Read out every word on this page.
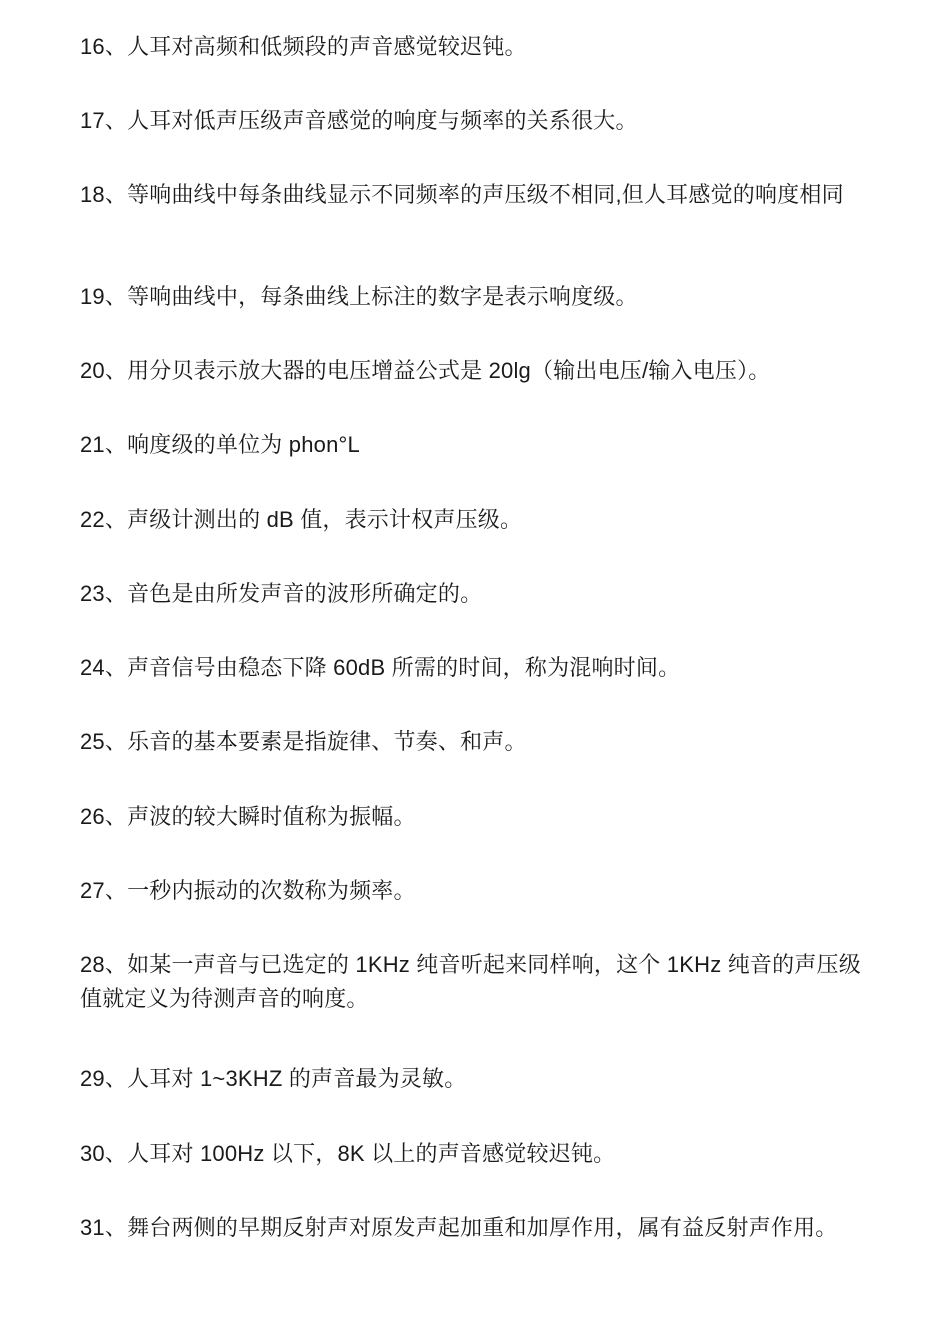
16、人耳对高频和低频段的声音感觉较迟钝。

17、人耳对低声压级声音感觉的响度与频率的关系很大。

18、等响曲线中每条曲线显示不同频率的声压级不相同,但人耳感觉的响度相同

19、等响曲线中，每条曲线上标注的数字是表示响度级。

20、用分贝表示放大器的电压增益公式是 20lg（输出电压/输入电压）。

21、响度级的单位为 phon°L

22、声级计测出的 dB 值，表示计权声压级。

23、音色是由所发声音的波形所确定的。

24、声音信号由稳态下降 60dB 所需的时间，称为混响时间。

25、乐音的基本要素是指旋律、节奏、和声。

26、声波的较大瞬时值称为振幅。

27、一秒内振动的次数称为频率。

28、如某一声音与已选定的 1KHz 纯音听起来同样响，这个 1KHz 纯音的声压级值就定义为待测声音的响度。

29、人耳对 1~3KHZ 的声音最为灵敏。

30、人耳对 100Hz 以下，8K 以上的声音感觉较迟钝。

31、舞台两侧的早期反射声对原发声起加重和加厚作用，属有益反射声作用。
